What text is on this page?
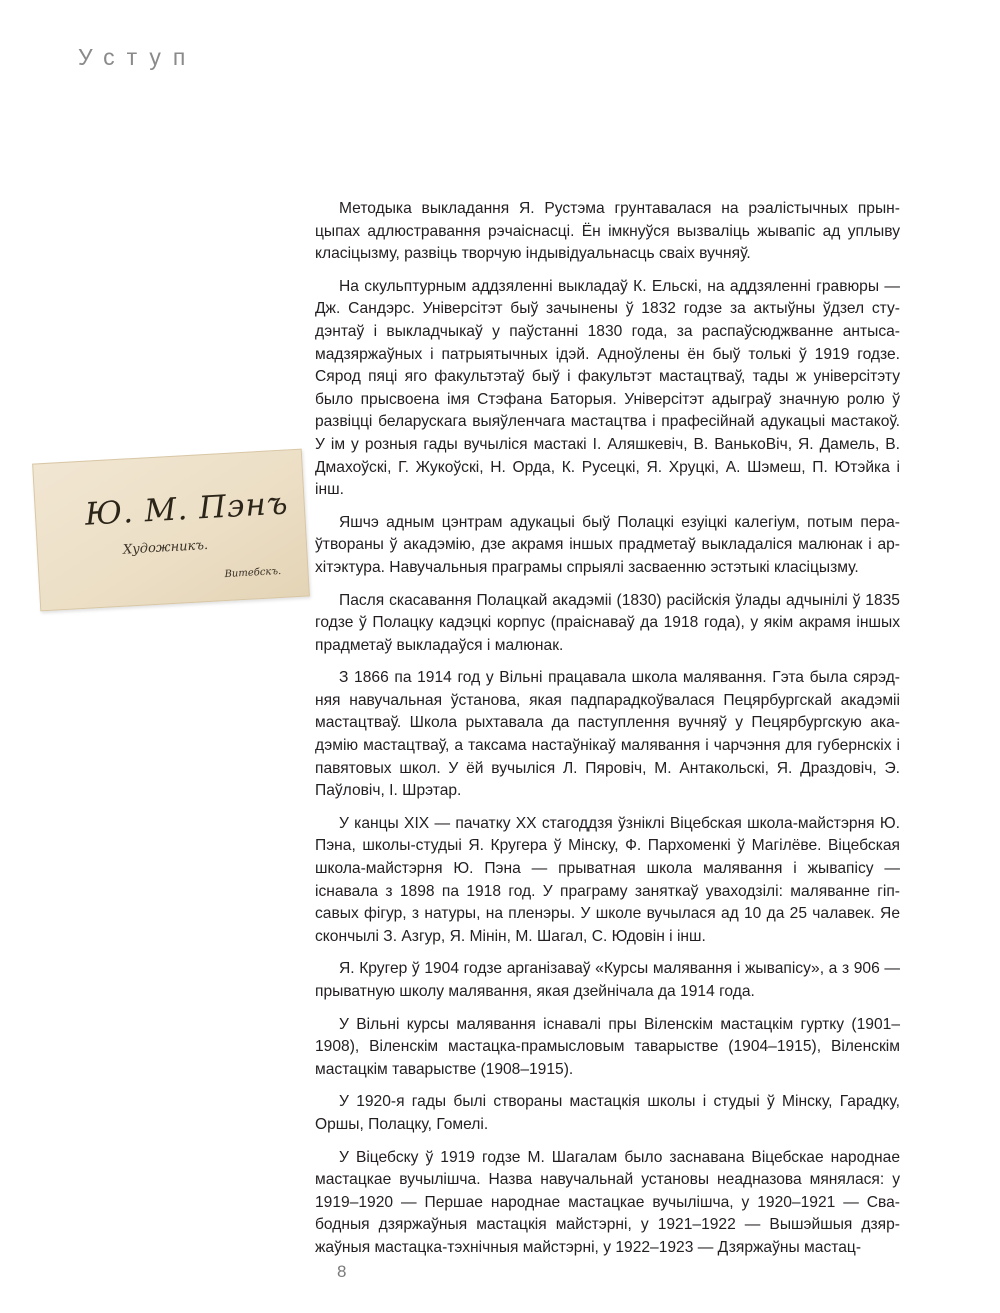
Уступ
Ю. М. Пэнъ
Художникъ.
Витебскъ.

Методыка выкладання Я. Рустэма грунтавалася на рэалістычных прынцыпах адлюстравання рэчаіснасці. Ён імкнуўся вызваліць жывапіс ад уплыву класіцызму, развіць творчую індывідуальнасць сваіх вучняў.

На скульптурным аддзяленні выкладаў К. Ельскі, на аддзяленні гравюры — Дж. Сандэрс. Універсітэт быў зачынены ў 1832 годзе за актыўны ўдзел студэнтаў і выкладчыкаў у паўстанні 1830 года, за распаўсюджванне антысамадзяржаўных і патрыятычных ідэй. Адноўлены ён быў толькі ў 1919 годзе. Сярод пяці яго факультэтаў быў і факультэт мастацтваў, тады ж універсітэту было прысвоена імя Стэфана Баторыя. Універсітэт адыграў значную ролю ў развіцці беларускага выяўленчага мастацтва і прафесійнай адукацыі мастакоў. У ім у розныя гады вучыліся мастакі І. Аляшкевіч, В. ВанькоВіч, Я. Дамель, В. Дмахоўскі, Г. Жукоўскі, Н. Орда, К. Русецкі, Я. Хруцкі, А. Шэмеш, П. Ютэйка і інш.

Яшчэ адным цэнтрам адукацыі быў Полацкі езуіцкі калегіум, потым пераўтвораны ў акадэмію, дзе акрамя іншых прадметаў выкладаліся малюнак і архітэктура. Навучальныя праграмы спрыялі засваенню эстэтыкі класіцызму.

Пасля скасавання Полацкай акадэміі (1830) расійскія ўлады адчынілі ў 1835 годзе ў Полацку кадэцкі корпус (праіснаваў да 1918 года), у якім акрамя іншых прадметаў выкладаўся і малюнак.

З 1866 па 1914 год у Вільні працавала школа малявання. Гэта была сярэдняя навучальная ўстанова, якая падпарадкоўвалася Пецярбургскай акадэміі мастацтваў. Школа рыхтавала да паступлення вучняў у Пецярбургскую акадэмію мастацтваў, а таксама настаўнікаў малявання і чарчэння для губернскіх і павятовых школ. У ёй вучыліся Л. Пяровіч, М. Антакольскі, Я. Драздовіч, Э. Паўловіч, І. Шрэтар.

У канцы ХІХ — пачатку ХХ стагоддзя ўзніклі Віцебская школа-майстэрня Ю. Пэна, школы-студыі Я. Кругера ў Мінску, Ф. Пархоменкі ў Магілёве. Віцебская школа-майстэрня Ю. Пэна — прыватная школа малявання і жывапісу — існавала з 1898 па 1918 год. У праграму заняткаў уваходзілі: маляванне гіпсавых фігур, з натуры, на пленэры. У школе вучылася ад 10 да 25 чалавек. Яе скончылі З. Азгур, Я. Мінін, М. Шагал, С. Юдовін і інш.

Я. Кругер ў 1904 годзе арганізаваў «Курсы малявання і жывапісу», а з 906 — прыватную школу малявання, якая дзейнічала да 1914 года.

У Вільні курсы малявання існавалі пры Віленскім мастацкім гуртку (1901–1908), Віленскім мастацка-прамысловым таварыстве (1904–1915), Віленскім мастацкім таварыстве (1908–1915).

У 1920-я гады былі створаны мастацкія школы і студыі ў Мінску, Гарадку, Оршы, Полацку, Гомелі.

У Віцебску ў 1919 годзе М. Шагалам было заснавана Віцебскае народнае мастацкае вучылішча. Назва навучальнай установы неадназова мянялася: у 1919–1920 — Першае народнае мастацкае вучылішча, у 1920–1921 — Свабодныя дзяржаўныя мастацкія майстэрні, у 1921–1922 — Вышэйшыя дзяржаўныя мастацка-тэхнічныя майстэрні, у 1922–1923 — Дзяржаўны мастац-

8
